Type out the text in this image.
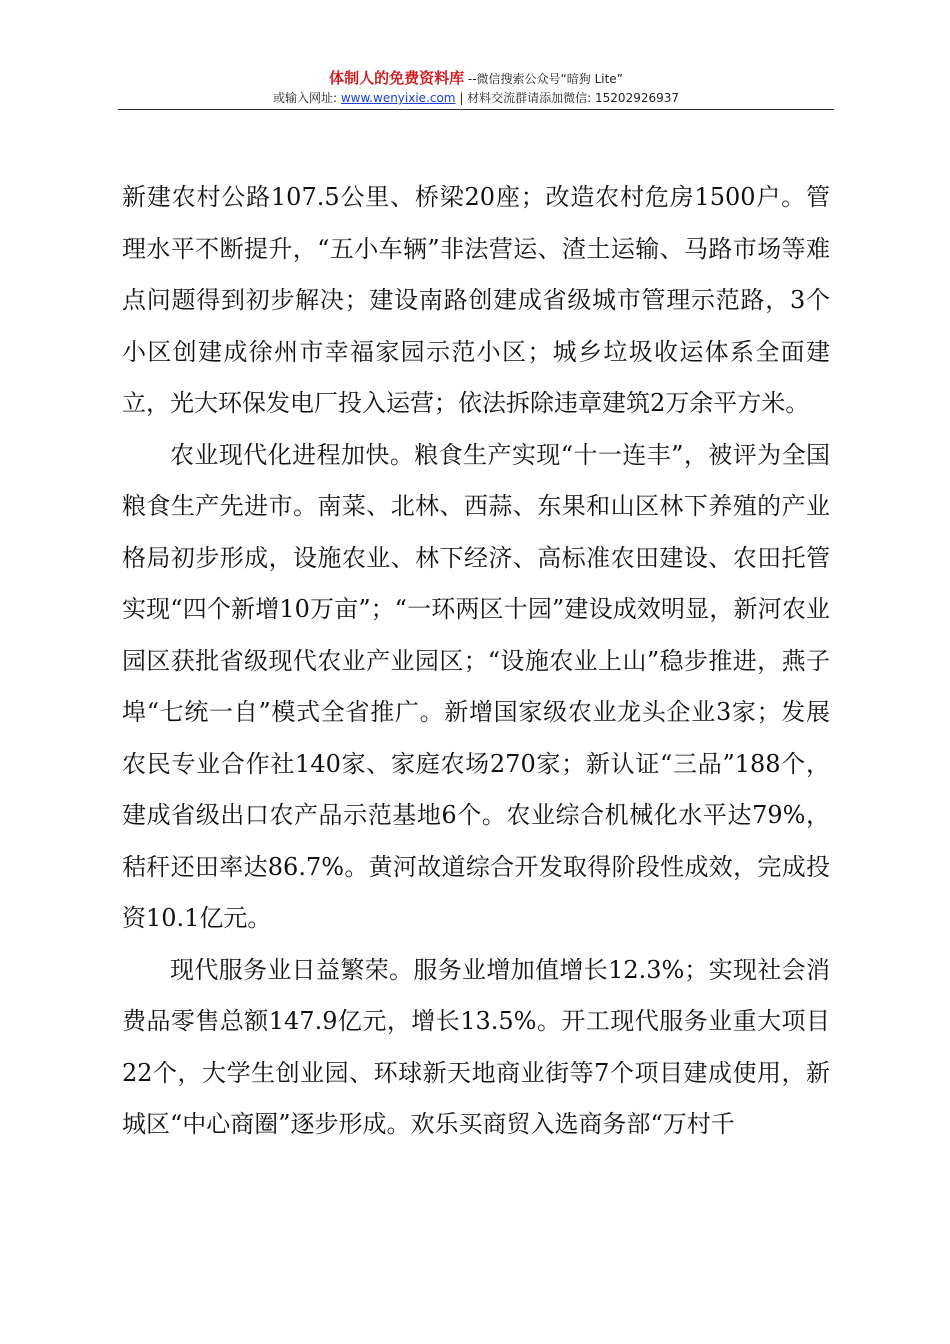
体制人的免费资料库 --微信搜索公众号“暗狗 Lite”
或输入网址: www.wenyixie.com | 材料交流群请添加微信: 15202926937

新建农村公路107.5公里、桥梁20座；改造农村危房1500户。管理水平不断提升，“五小车辆”非法营运、渣土运输、马路市场等难点问题得到初步解决；建设南路创建成省级城市管理示范路，3个小区创建成徐州市幸福家园示范小区；城乡垃圾收运体系全面建立，光大环保发电厂投入运营；依法拆除违章建筑2万余平方米。

农业现代化进程加快。粮食生产实现“十一连丰”，被评为全国粮食生产先进市。南菜、北林、西蒜、东果和山区林下养殖的产业格局初步形成，设施农业、林下经济、高标准农田建设、农田托管实现“四个新增10万亩”；“一环两区十园”建设成效明显，新河农业园区获批省级现代农业产业园区；“设施农业上山”稳步推进，燕子埠“七统一自”模式全省推广。新增国家级农业龙头企业3家；发展农民专业合作社140家、家庭农场270家；新认证“三品”188个，建成省级出口农产品示范基地6个。农业综合机械化水平达79%，秸秆还田率达86.7%。黄河故道综合开发取得阶段性成效，完成投资10.1亿元。

现代服务业日益繁荣。服务业增加值增长12.3%；实现社会消费品零售总额147.9亿元，增长13.5%。开工现代服务业重大项目22个，大学生创业园、环球新天地商业街等7个项目建成使用，新城区“中心商圈”逐步形成。欢乐买商贸入选商务部“万村千
